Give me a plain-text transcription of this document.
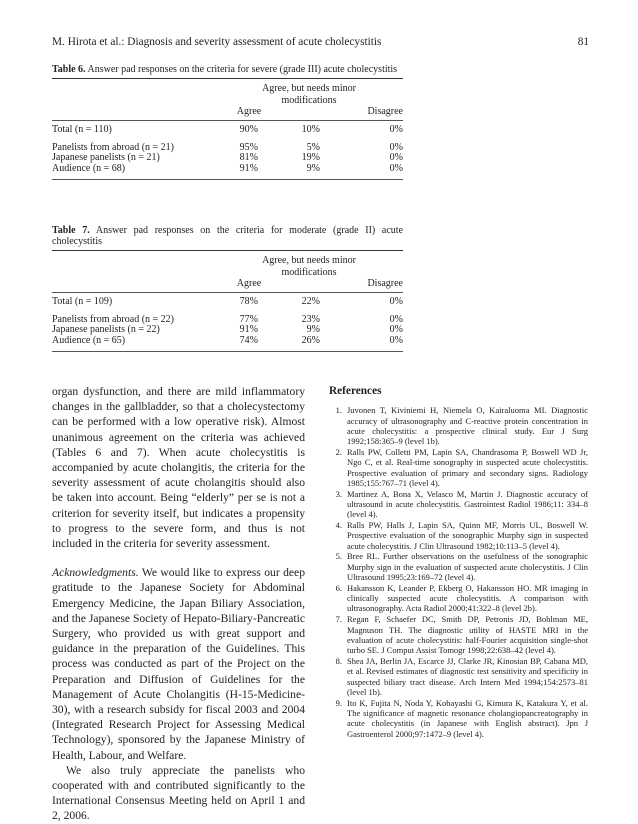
M. Hirota et al.: Diagnosis and severity assessment of acute cholecystitis	81
Table 6. Answer pad responses on the criteria for severe (grade III) acute cholecystitis
Agree
Agree, but needs minor modifications
Disagree
Total (n = 110)	90%	10%	0%
Panelists from abroad (n = 21)	95%	5%	0%
Japanese panelists (n = 21)	81%	19%	0%
Audience (n = 68)	91%	9%	0%
Table 7. Answer pad responses on the criteria for moderate (grade II) acute cholecystitis
Agree
Agree, but needs minor modifications
Disagree
Total (n = 109)	78%	22%	0%
Panelists from abroad (n = 22)	77%	23%	0%
Japanese panelists (n = 22)	91%	9%	0%
Audience (n = 65)	74%	26%	0%

organ dysfunction, and there are mild inflammatory changes in the gallbladder, so that a cholecystectomy can be performed with a low operative risk). Almost unanimous agreement on the criteria was achieved (Tables 6 and 7). When acute cholecystitis is accompanied by acute cholangitis, the criteria for the severity assessment of acute cholangitis should also be taken into account. Being “elderly” per se is not a criterion for severity itself, but indicates a propensity to progress to the severe form, and thus is not included in the criteria for severity assessment.

Acknowledgments. We would like to express our deep gratitude to the Japanese Society for Abdominal Emergency Medicine, the Japan Biliary Association, and the Japanese Society of Hepato-Biliary-Pancreatic Surgery, who provided us with great support and guidance in the preparation of the Guidelines. This process was conducted as part of the Project on the Preparation and Diffusion of Guidelines for the Management of Acute Cholangitis (H-15-Medicine-30), with a research subsidy for fiscal 2003 and 2004 (Integrated Research Project for Assessing Medical Technology), sponsored by the Japanese Ministry of Health, Labour, and Welfare.

We also truly appreciate the panelists who cooperated with and contributed significantly to the International Consensus Meeting held on April 1 and 2, 2006.

References
1. Juvonen T, Kiviniemi H, Niemela O, Kairaluoma MI. Diagnostic accuracy of ultrasonography and C-reactive protein concentration in acute cholecystitis: a prospective clinical study. Eur J Surg 1992;158:365–9 (level 1b).
2. Ralls PW, Colletti PM, Lapin SA, Chandrasoma P, Boswell WD Jr, Ngo C, et al. Real-time sonography in suspected acute cholecystitis. Prospective evaluation of primary and secondary signs. Radiology 1985;155:767–71 (level 4).
3. Martinez A, Bona X, Velasco M, Martin J. Diagnostic accuracy of ultrasound in acute cholecystitis. Gastrointest Radiol 1986;11: 334–8 (level 4).
4. Ralls PW, Halls J, Lapin SA, Quinn MF, Morris UL, Boswell W. Prospective evaluation of the sonographic Murphy sign in suspected acute cholecystitis. J Clin Ultrasound 1982;10:113–5 (level 4).
5. Bree RL. Further observations on the usefulness of the sonographic Murphy sign in the evaluation of suspected acute cholecystitis. J Clin Ultrasound 1995;23:169–72 (level 4).
6. Hakansson K, Leander P, Ekberg O, Hakansson HO. MR imaging in clinically suspected acute cholecystitis. A comparison with ultrasonography. Acta Radiol 2000;41:322–8 (level 2b).
7. Regan F, Schaefer DC, Smith DP, Petronis JD, Bohlman ME, Magnuson TH. The diagnostic utility of HASTE MRI in the evaluation of acute cholecystitis: half-Fourier acquisition single-shot turbo SE. J Comput Assist Tomogr 1998;22:638–42 (level 4).
8. Shea JA, Berlin JA, Escarce JJ, Clarke JR, Kinosian BP, Cabana MD, et al. Revised estimates of diagnostic test sensitivity and specificity in suspected biliary tract disease. Arch Intern Med 1994;154:2573–81 (level 1b).
9. Ito K, Fujita N, Noda Y, Kobayashi G, Kimura K, Katakura Y, et al. The significance of magnetic resonance cholangiopancreatography in acute cholecystitis (in Japanese with English abstract). Jpn J Gastroenterol 2000;97:1472–9 (level 4).
